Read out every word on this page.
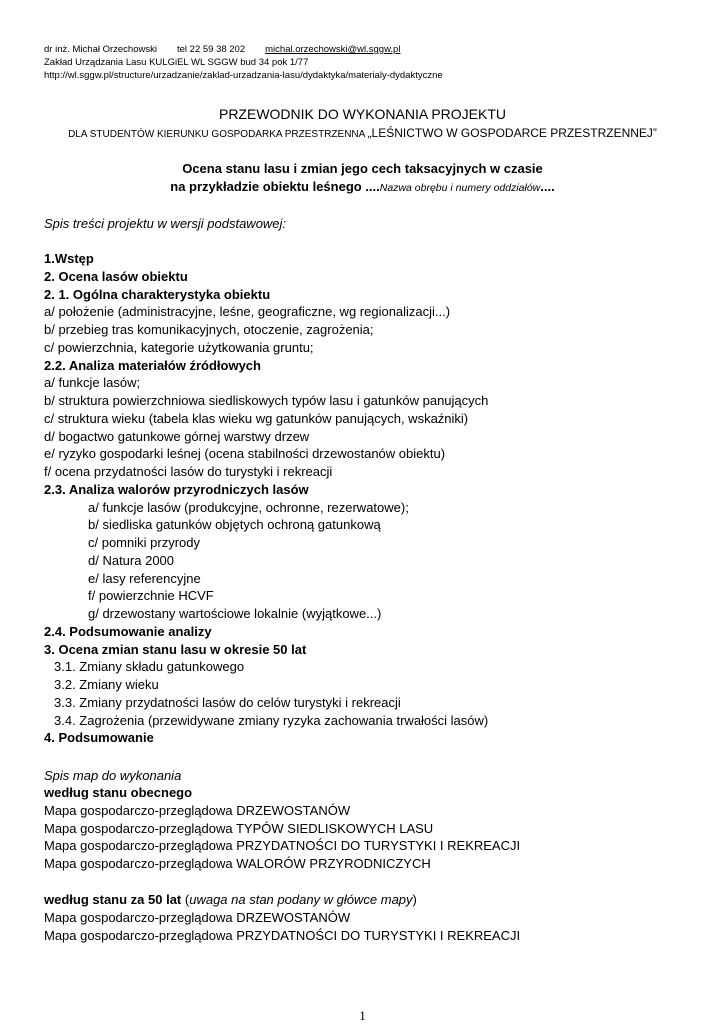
dr inż. Michał Orzechowski tel 22 59 38 202 michal.orzechowski@wl.sggw.pl
Zakład Urządzania Lasu KULGiEL WL SGGW bud 34 pok 1/77
http://wl.sggw.pl/structure/urzadzanie/zaklad-urzadzania-lasu/dydaktyka/materialy-dydaktyczne
PRZEWODNIK DO WYKONANIA PROJEKTU
DLA STUDENTÓW KIERUNKU GOSPODARKA PRZESTRZENNA „LEŚNICTWO W GOSPODARCE PRZESTRZENNEJ”
Ocena stanu lasu i zmian jego cech taksacyjnych w czasie
na przykładzie obiektu leśnego ....Nazwa obrębu i numery oddziałów....
Spis treści projektu w wersji podstawowej:
1.Wstęp
2. Ocena lasów obiektu
2. 1. Ogólna charakterystyka obiektu
a/ położenie (administracyjne, leśne, geograficzne, wg regionalizacji...)
b/ przebieg tras komunikacyjnych, otoczenie, zagrożenia;
c/ powierzchnia, kategorie użytkowania gruntu;
2.2. Analiza materiałów źródłowych
a/ funkcje lasów;
b/ struktura powierzchniowa siedliskowych typów lasu i gatunków panujących
c/ struktura wieku (tabela klas wieku wg gatunków panujących, wskaźniki)
d/ bogactwo gatunkowe górnej warstwy drzew
e/ ryzyko gospodarki leśnej (ocena stabilności drzewostanów obiektu)
f/ ocena przydatności lasów do turystyki i rekreacji
2.3. Analiza walorów przyrodniczych lasów
a/ funkcje lasów (produkcyjne, ochronne, rezerwatowe);
b/ siedliska gatunków objętych ochroną gatunkową
c/ pomniki przyrody
d/ Natura 2000
e/ lasy referencyjne
f/ powierzchnie HCVF
g/ drzewostany wartościowe lokalnie (wyjątkowe...)
2.4. Podsumowanie analizy
3. Ocena zmian stanu lasu w okresie 50 lat
3.1. Zmiany składu gatunkowego
3.2. Zmiany wieku
3.3. Zmiany przydatności lasów do celów turystyki i rekreacji
3.4. Zagrożenia (przewidywane zmiany ryzyka zachowania trwałości lasów)
4. Podsumowanie
Spis map do wykonania
według stanu obecnego
Mapa gospodarczo-przeglądowa DRZEWOSTANÓW
Mapa gospodarczo-przeglądowa TYPÓW SIEDLISKOWYCH LASU
Mapa gospodarczo-przeglądowa PRZYDATNOŚCI DO TURYSTYKI I REKREACJI
Mapa gospodarczo-przeglądowa WALORÓW PRZYRODNICZYCH
według stanu za 50 lat (uwaga na stan podany w główce mapy)
Mapa gospodarczo-przeglądowa DRZEWOSTANÓW
Mapa gospodarczo-przeglądowa PRZYDATNOŚCI DO TURYSTYKI I REKREACJI
1
